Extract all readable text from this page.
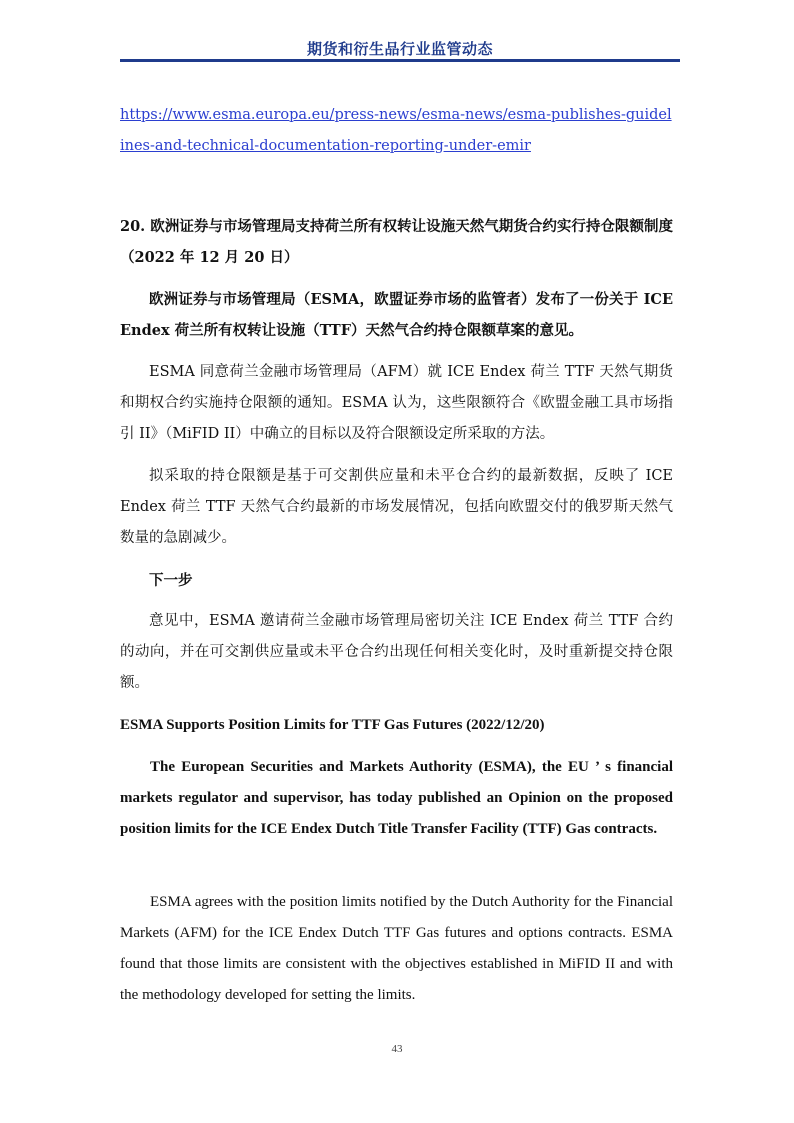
期货和衍生品行业监管动态
https://www.esma.europa.eu/press-news/esma-news/esma-publishes-guidelines-and-technical-documentation-reporting-under-emir
20. 欧洲证券与市场管理局支持荷兰所有权转让设施天然气期货合约实行持仓限额制度（2022 年 12 月 20 日）
欧洲证券与市场管理局（ESMA，欧盟证券市场的监管者）发布了一份关于 ICE Endex 荷兰所有权转让设施（TTF）天然气合约持仓限额草案的意见。
ESMA 同意荷兰金融市场管理局（AFM）就 ICE Endex 荷兰 TTF 天然气期货和期权合约实施持仓限额的通知。ESMA 认为，这些限额符合《欧盟金融工具市场指引 II》（MiFID II）中确立的目标以及符合限额设定所采取的方法。
拟采取的持仓限额是基于可交割供应量和未平仓合约的最新数据，反映了 ICE Endex 荷兰 TTF 天然气合约最新的市场发展情况，包括向欧盟交付的俄罗斯天然气数量的急剧减少。
下一步
意见中，ESMA 邀请荷兰金融市场管理局密切关注 ICE Endex 荷兰 TTF 合约的动向，并在可交割供应量或未平仓合约出现任何相关变化时，及时重新提交持仓限额。
ESMA Supports Position Limits for TTF Gas Futures (2022/12/20)
The European Securities and Markets Authority (ESMA), the EU ’ s financial markets regulator and supervisor, has today published an Opinion on the proposed position limits for the ICE Endex Dutch Title Transfer Facility (TTF) Gas contracts.
ESMA agrees with the position limits notified by the Dutch Authority for the Financial Markets (AFM) for the ICE Endex Dutch TTF Gas futures and options contracts. ESMA found that those limits are consistent with the objectives established in MiFID II and with the methodology developed for setting the limits.
43
